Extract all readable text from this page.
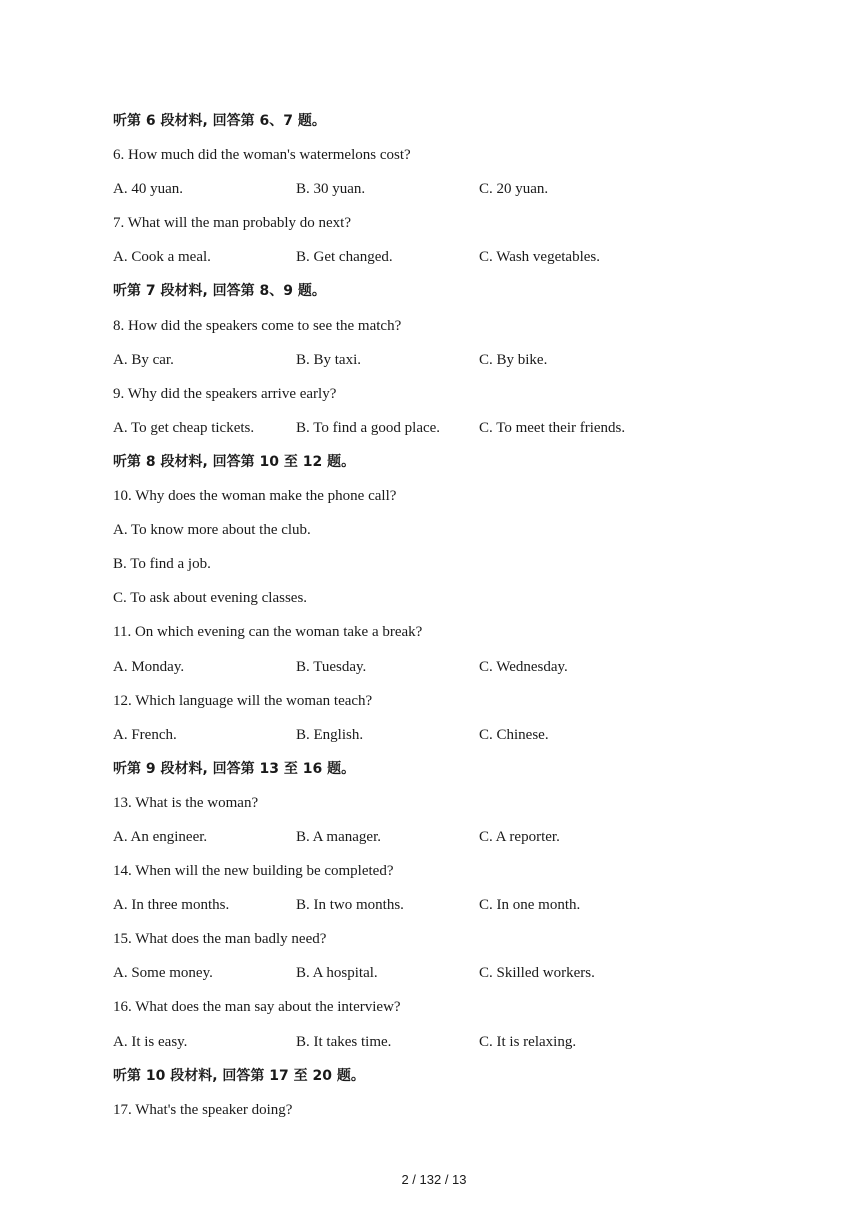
听第 6 段材料, 回答第 6、7 题。
6. How much did the woman's watermelons cost?
A. 40 yuan.	B. 30 yuan.	C. 20 yuan.
7. What will the man probably do next?
A. Cook a meal.	B. Get changed.	C. Wash vegetables.
听第 7 段材料, 回答第 8、9 题。
8. How did the speakers come to see the match?
A. By car.	B. By taxi.	C. By bike.
9. Why did the speakers arrive early?
A. To get cheap tickets.	B. To find a good place.	C. To meet their friends.
听第 8 段材料, 回答第 10 至 12 题。
10. Why does the woman make the phone call?
A. To know more about the club.
B. To find a job.
C. To ask about evening classes.
11. On which evening can the woman take a break?
A. Monday.	B. Tuesday.	C. Wednesday.
12. Which language will the woman teach?
A. French.	B. English.	C. Chinese.
听第 9 段材料, 回答第 13 至 16 题。
13. What is the woman?
A. An engineer.	B. A manager.	C. A reporter.
14. When will the new building be completed?
A. In three months.	B. In two months.	C. In one month.
15. What does the man badly need?
A. Some money.	B. A hospital.	C. Skilled workers.
16. What does the man say about the interview?
A. It is easy.	B. It takes time.	C. It is relaxing.
听第 10 段材料, 回答第 17 至 20 题。
17. What's the speaker doing?
2 / 132 / 13
